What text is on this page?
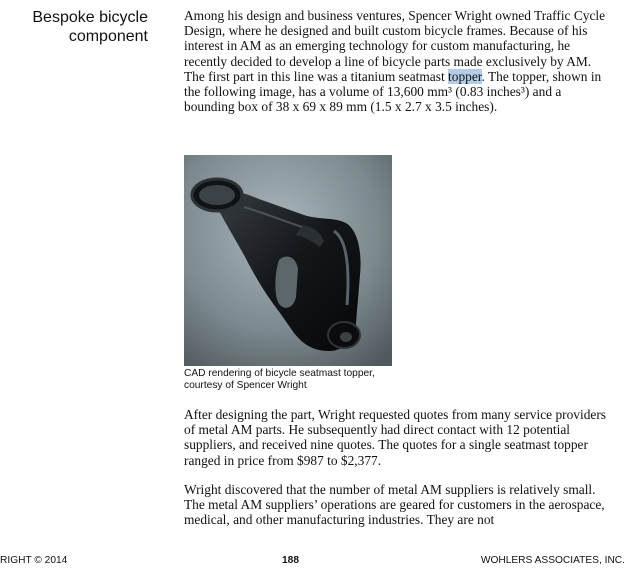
Bespoke bicycle
component

Among his design and business ventures, Spencer Wright owned Traffic Cycle Design, where he designed and built custom bicycle frames. Because of his interest in AM as an emerging technology for custom manufacturing, he recently decided to develop a line of bicycle parts made exclusively by AM. The first part in this line was a titanium seatmast topper. The topper, shown in the following image, has a volume of 13,600 mm³ (0.83 inches³) and a bounding box of 38 x 69 x 89 mm (1.5 x 2.7 x 3.5 inches).

CAD rendering of bicycle seatmast topper,
courtesy of Spencer Wright

After designing the part, Wright requested quotes from many service providers of metal AM parts. He subsequently had direct contact with 12 potential suppliers, and received nine quotes. The quotes for a single seatmast topper ranged in price from $987 to $2,377.

Wright discovered that the number of metal AM suppliers is relatively small. The metal AM suppliers’ operations are geared for customers in the aerospace, medical, and other manufacturing industries. They are not

RIGHT © 2014	188	WOHLERS ASSOCIATES, INC.
